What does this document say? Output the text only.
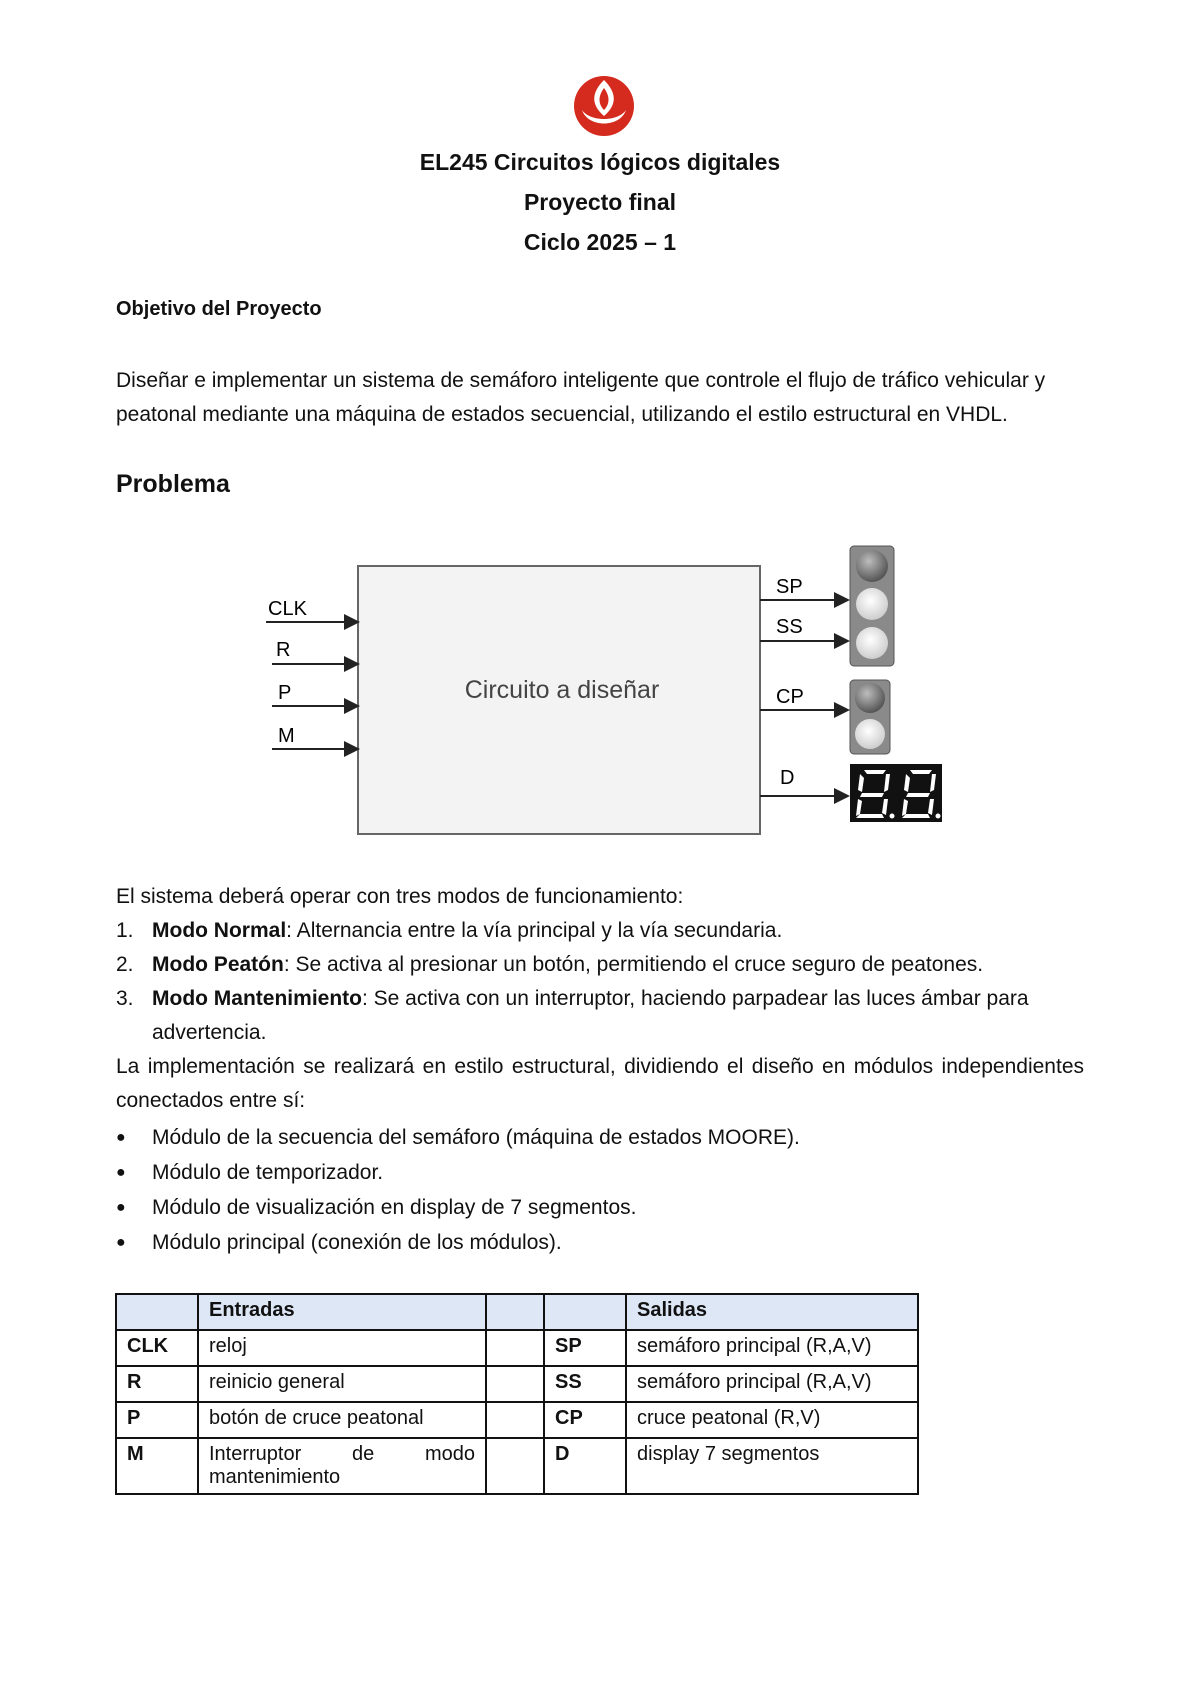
EL245 Circuitos lógicos digitales
Proyecto final
Ciclo 2025 – 1
Objetivo del Proyecto
Diseñar e implementar un sistema de semáforo inteligente que controle el flujo de tráfico vehicular y peatonal mediante una máquina de estados secuencial, utilizando el estilo estructural en VHDL.
Problema
Circuito a diseñar
CLK
R
P
M
SP
SS
CP
D
El sistema deberá operar con tres modos de funcionamiento:
1. Modo Normal: Alternancia entre la vía principal y la vía secundaria.
2. Modo Peatón: Se activa al presionar un botón, permitiendo el cruce seguro de peatones.
3. Modo Mantenimiento: Se activa con un interruptor, haciendo parpadear las luces ámbar para advertencia.
La implementación se realizará en estilo estructural, dividiendo el diseño en módulos independientes conectados entre sí:
●	Módulo de la secuencia del semáforo (máquina de estados MOORE).
●	Módulo de temporizador.
●	Módulo de visualización en display de 7 segmentos.
●	Módulo principal (conexión de los módulos).
	Entradas			Salidas
CLK	reloj		SP	semáforo principal (R,A,V)
R	reinicio general		SS	semáforo principal (R,A,V)
P	botón de cruce peatonal		CP	cruce peatonal (R,V)
M	Interruptor de modo
mantenimiento		D	display 7 segmentos
